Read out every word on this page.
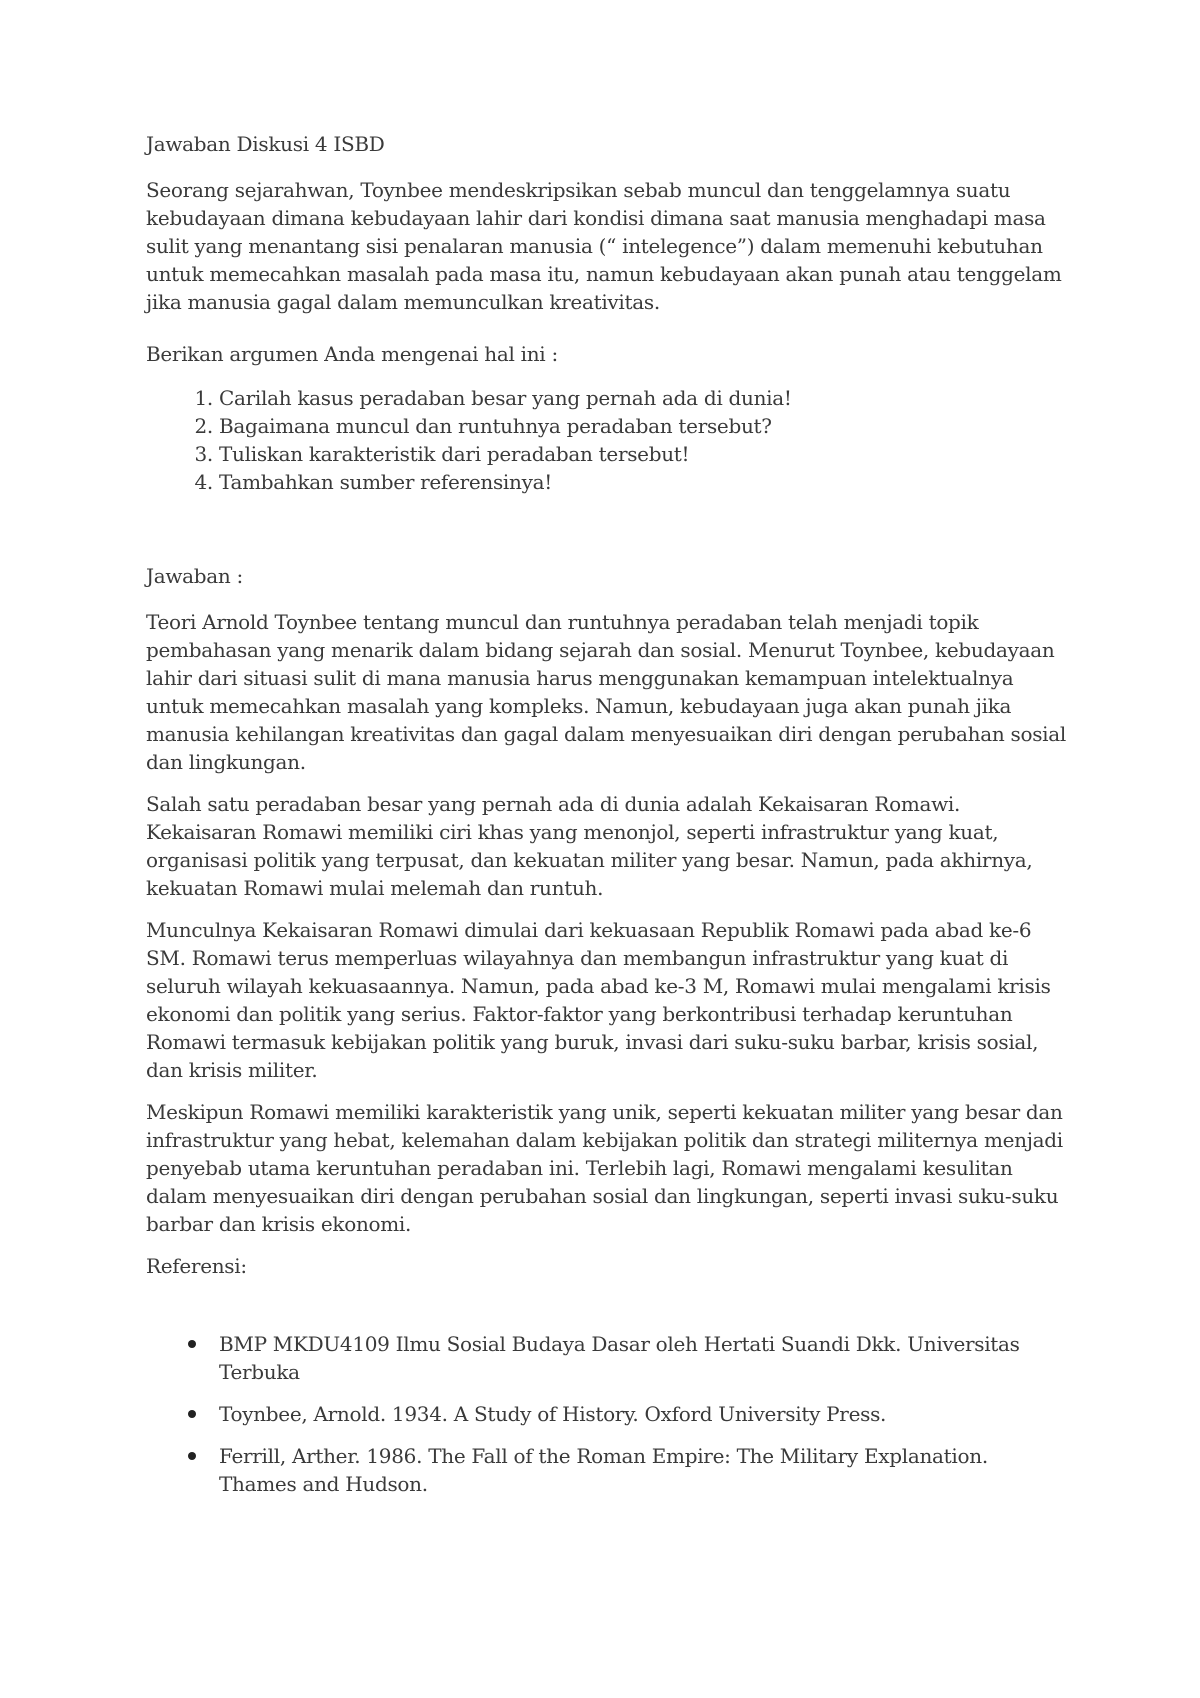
Jawaban Diskusi 4 ISBD

Seorang sejarahwan, Toynbee mendeskripsikan sebab muncul dan tenggelamnya suatu kebudayaan dimana kebudayaan lahir dari kondisi dimana saat manusia menghadapi masa sulit yang menantang sisi penalaran manusia (“ intelegence”) dalam memenuhi kebutuhan untuk memecahkan masalah pada masa itu, namun kebudayaan akan punah atau tenggelam jika manusia gagal dalam memunculkan kreativitas.

Berikan argumen Anda mengenai hal ini :

1. Carilah kasus peradaban besar yang pernah ada di dunia!
2. Bagaimana muncul dan runtuhnya peradaban tersebut?
3. Tuliskan karakteristik dari peradaban tersebut!
4. Tambahkan sumber referensinya!

Jawaban :

Teori Arnold Toynbee tentang muncul dan runtuhnya peradaban telah menjadi topik pembahasan yang menarik dalam bidang sejarah dan sosial. Menurut Toynbee, kebudayaan lahir dari situasi sulit di mana manusia harus menggunakan kemampuan intelektualnya untuk memecahkan masalah yang kompleks. Namun, kebudayaan juga akan punah jika manusia kehilangan kreativitas dan gagal dalam menyesuaikan diri dengan perubahan sosial dan lingkungan.

Salah satu peradaban besar yang pernah ada di dunia adalah Kekaisaran Romawi. Kekaisaran Romawi memiliki ciri khas yang menonjol, seperti infrastruktur yang kuat, organisasi politik yang terpusat, dan kekuatan militer yang besar. Namun, pada akhirnya, kekuatan Romawi mulai melemah dan runtuh.

Munculnya Kekaisaran Romawi dimulai dari kekuasaan Republik Romawi pada abad ke-6 SM. Romawi terus memperluas wilayahnya dan membangun infrastruktur yang kuat di seluruh wilayah kekuasaannya. Namun, pada abad ke-3 M, Romawi mulai mengalami krisis ekonomi dan politik yang serius. Faktor-faktor yang berkontribusi terhadap keruntuhan Romawi termasuk kebijakan politik yang buruk, invasi dari suku-suku barbar, krisis sosial, dan krisis militer.

Meskipun Romawi memiliki karakteristik yang unik, seperti kekuatan militer yang besar dan infrastruktur yang hebat, kelemahan dalam kebijakan politik dan strategi militernya menjadi penyebab utama keruntuhan peradaban ini. Terlebih lagi, Romawi mengalami kesulitan dalam menyesuaikan diri dengan perubahan sosial dan lingkungan, seperti invasi suku-suku barbar dan krisis ekonomi.

Referensi:

BMP MKDU4109 Ilmu Sosial Budaya Dasar oleh Hertati Suandi Dkk. Universitas Terbuka
Toynbee, Arnold. 1934. A Study of History. Oxford University Press.
Ferrill, Arther. 1986. The Fall of the Roman Empire: The Military Explanation. Thames and Hudson.
